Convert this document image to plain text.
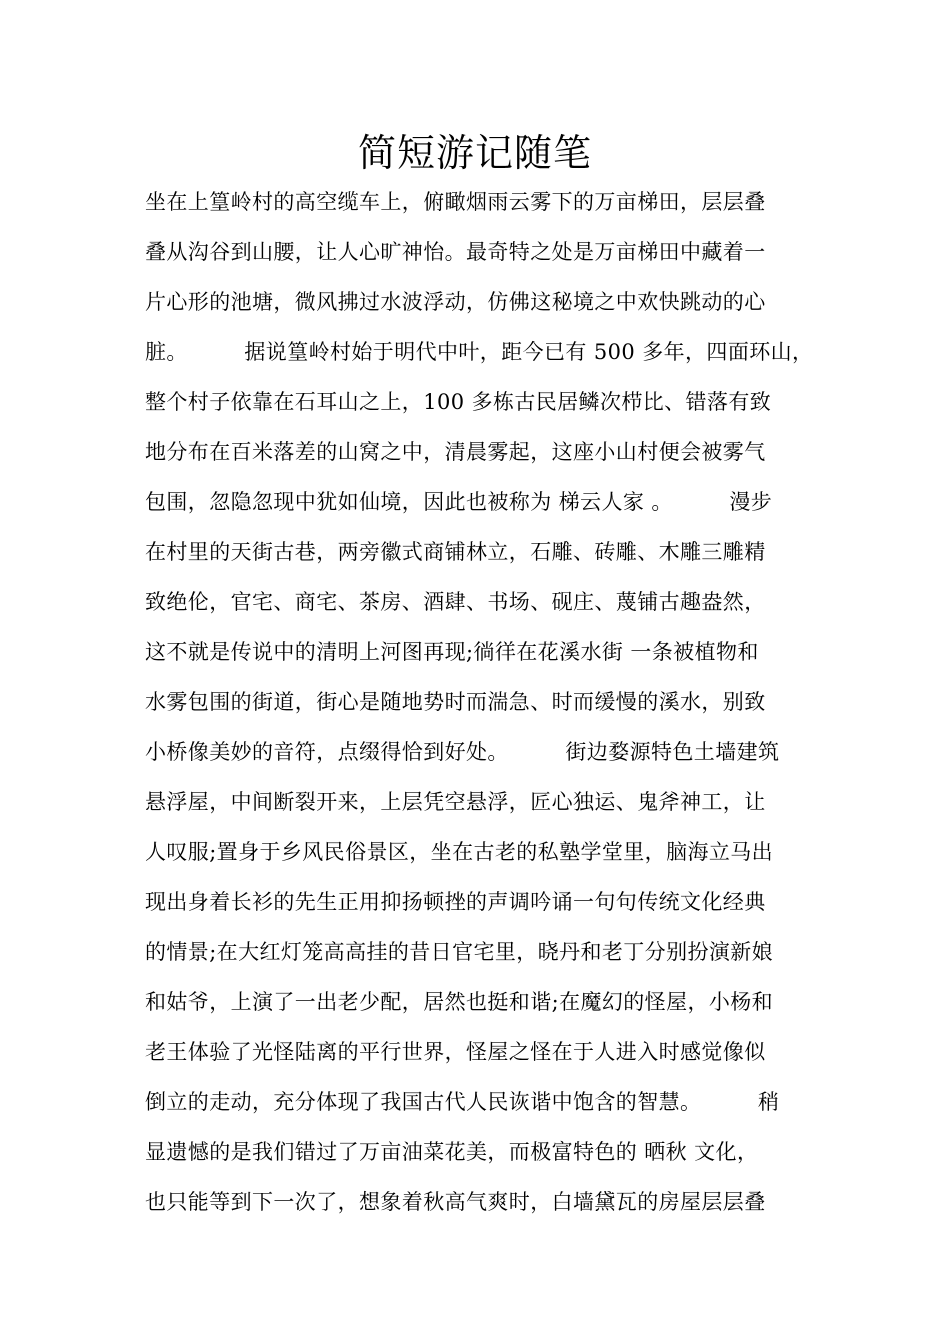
简短游记随笔
坐在上篁岭村的高空缆车上，俯瞰烟雨云雾下的万亩梯田，层层叠
叠从沟谷到山腰，让人心旷神怡。最奇特之处是万亩梯田中藏着一
片心形的池塘，微风拂过水波浮动，仿佛这秘境之中欢快跳动的心
脏。        据说篁岭村始于明代中叶，距今已有 500 多年，四面环山，
整个村子依靠在石耳山之上，100 多栋古民居鳞次栉比、错落有致
地分布在百米落差的山窝之中，清晨雾起，这座小山村便会被雾气
包围，忽隐忽现中犹如仙境，因此也被称为 梯云人家 。        漫步
在村里的天街古巷，两旁徽式商铺林立，石雕、砖雕、木雕三雕精
致绝伦，官宅、商宅、茶房、酒肆、书场、砚庄、蔑铺古趣盎然，
这不就是传说中的清明上河图再现;徜徉在花溪水街 一条被植物和
水雾包围的街道，街心是随地势时而湍急、时而缓慢的溪水，别致
小桥像美妙的音符，点缀得恰到好处。        街边婺源特色土墙建筑
悬浮屋，中间断裂开来，上层凭空悬浮，匠心独运、鬼斧神工，让
人叹服;置身于乡风民俗景区，坐在古老的私塾学堂里，脑海立马出
现出身着长衫的先生正用抑扬顿挫的声调吟诵一句句传统文化经典
的情景;在大红灯笼高高挂的昔日官宅里，晓丹和老丁分别扮演新娘
和姑爷，上演了一出老少配，居然也挺和谐;在魔幻的怪屋，小杨和
老王体验了光怪陆离的平行世界，怪屋之怪在于人进入时感觉像似
倒立的走动，充分体现了我国古代人民诙谐中饱含的智慧。        稍
显遗憾的是我们错过了万亩油菜花美，而极富特色的 晒秋 文化，
也只能等到下一次了，想象着秋高气爽时，白墙黛瓦的房屋层层叠
